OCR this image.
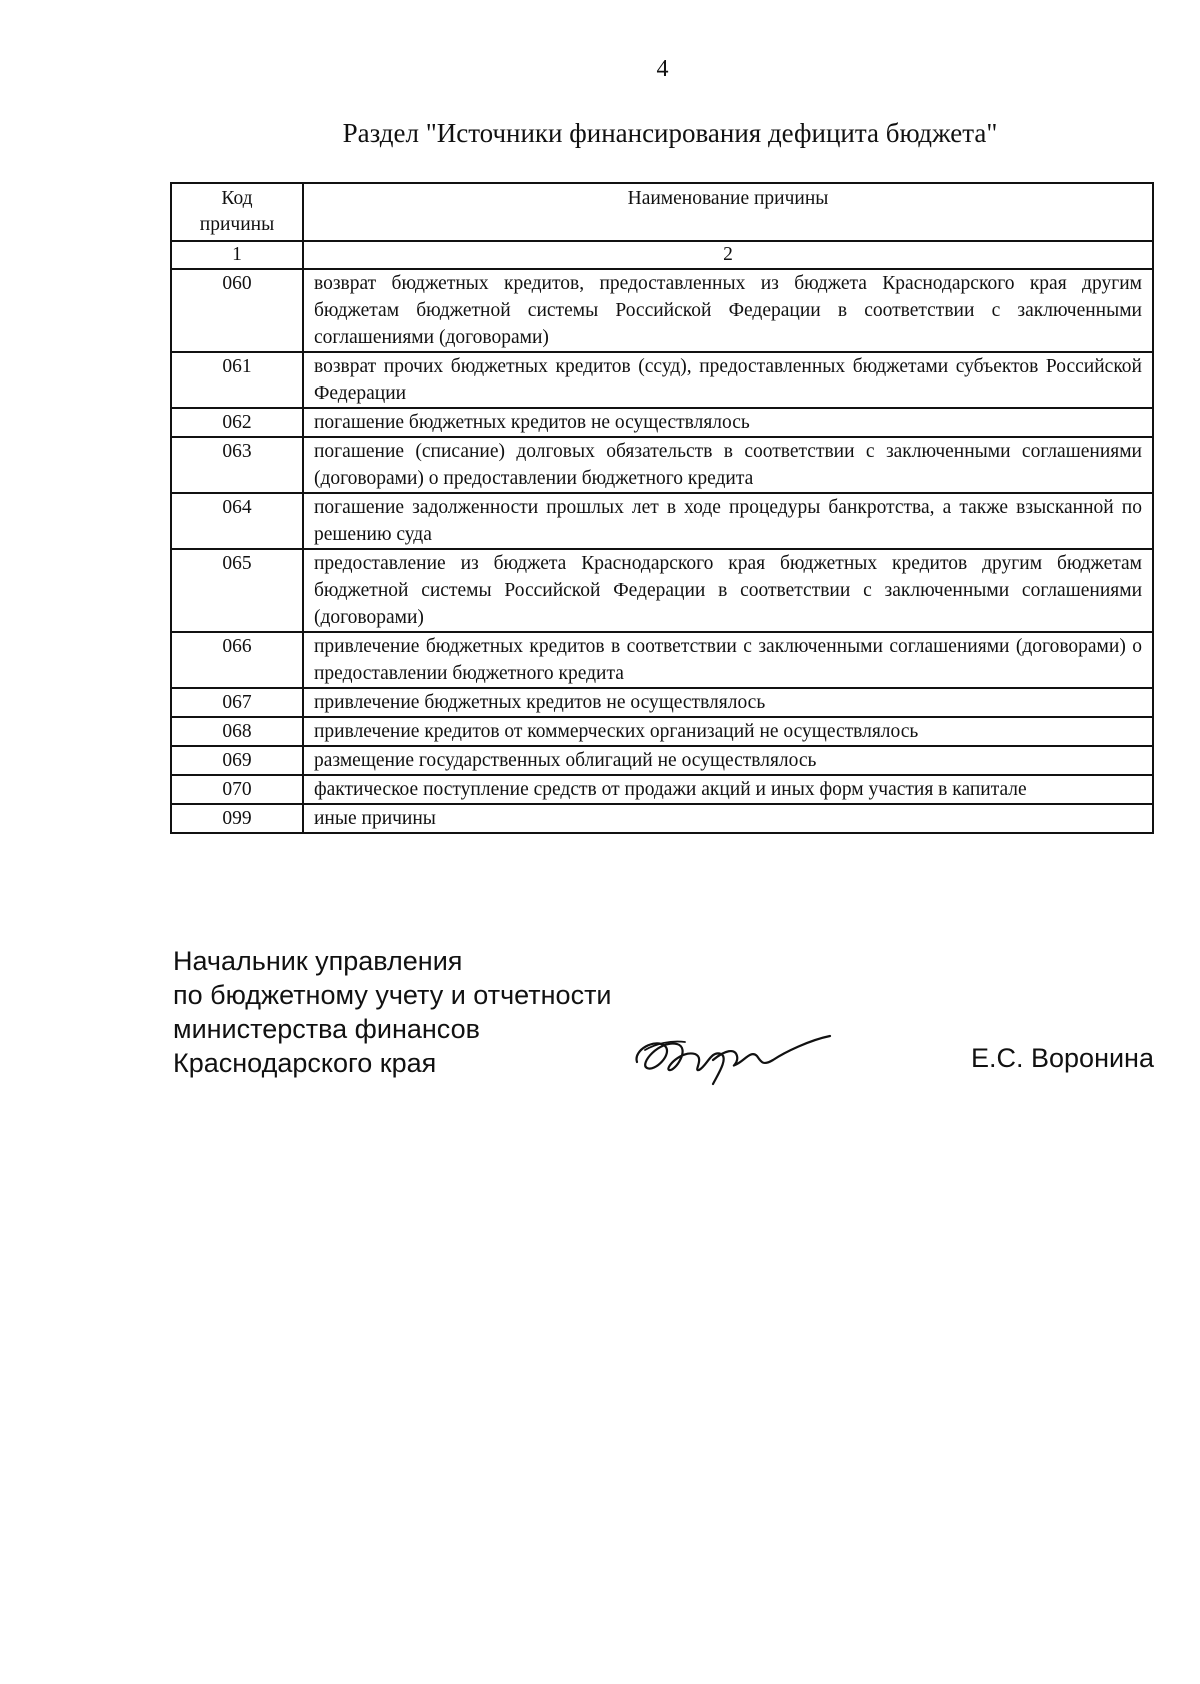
4
Раздел "Источники финансирования дефицита бюджета"
Код причины	Наименование причины
1	2
060	возврат бюджетных кредитов, предоставленных из бюджета Краснодарского края другим бюджетам бюджетной системы Российской Федерации в соответствии с заключенными соглашениями (договорами)
061	возврат прочих бюджетных кредитов (ссуд), предоставленных бюджетами субъектов Российской Федерации
062	погашение бюджетных кредитов не осуществлялось
063	погашение (списание) долговых обязательств в соответствии с заключенными соглашениями (договорами) о предоставлении бюджетного кредита
064	погашение задолженности прошлых лет в ходе процедуры банкротства, а также взысканной по решению суда
065	предоставление из бюджета Краснодарского края бюджетных кредитов другим бюджетам бюджетной системы Российской Федерации в соответствии с заключенными соглашениями (договорами)
066	привлечение бюджетных кредитов в соответствии с заключенными соглашениями (договорами) о предоставлении бюджетного кредита
067	привлечение бюджетных кредитов не осуществлялось
068	привлечение кредитов от коммерческих организаций не осуществлялось
069	размещение государственных облигаций не осуществлялось
070	фактическое поступление средств от продажи акций и иных форм участия в капитале
099	иные причины
Начальник управления
по бюджетному учету и отчетности
министерства финансов
Краснодарского края	Е.С. Воронина
